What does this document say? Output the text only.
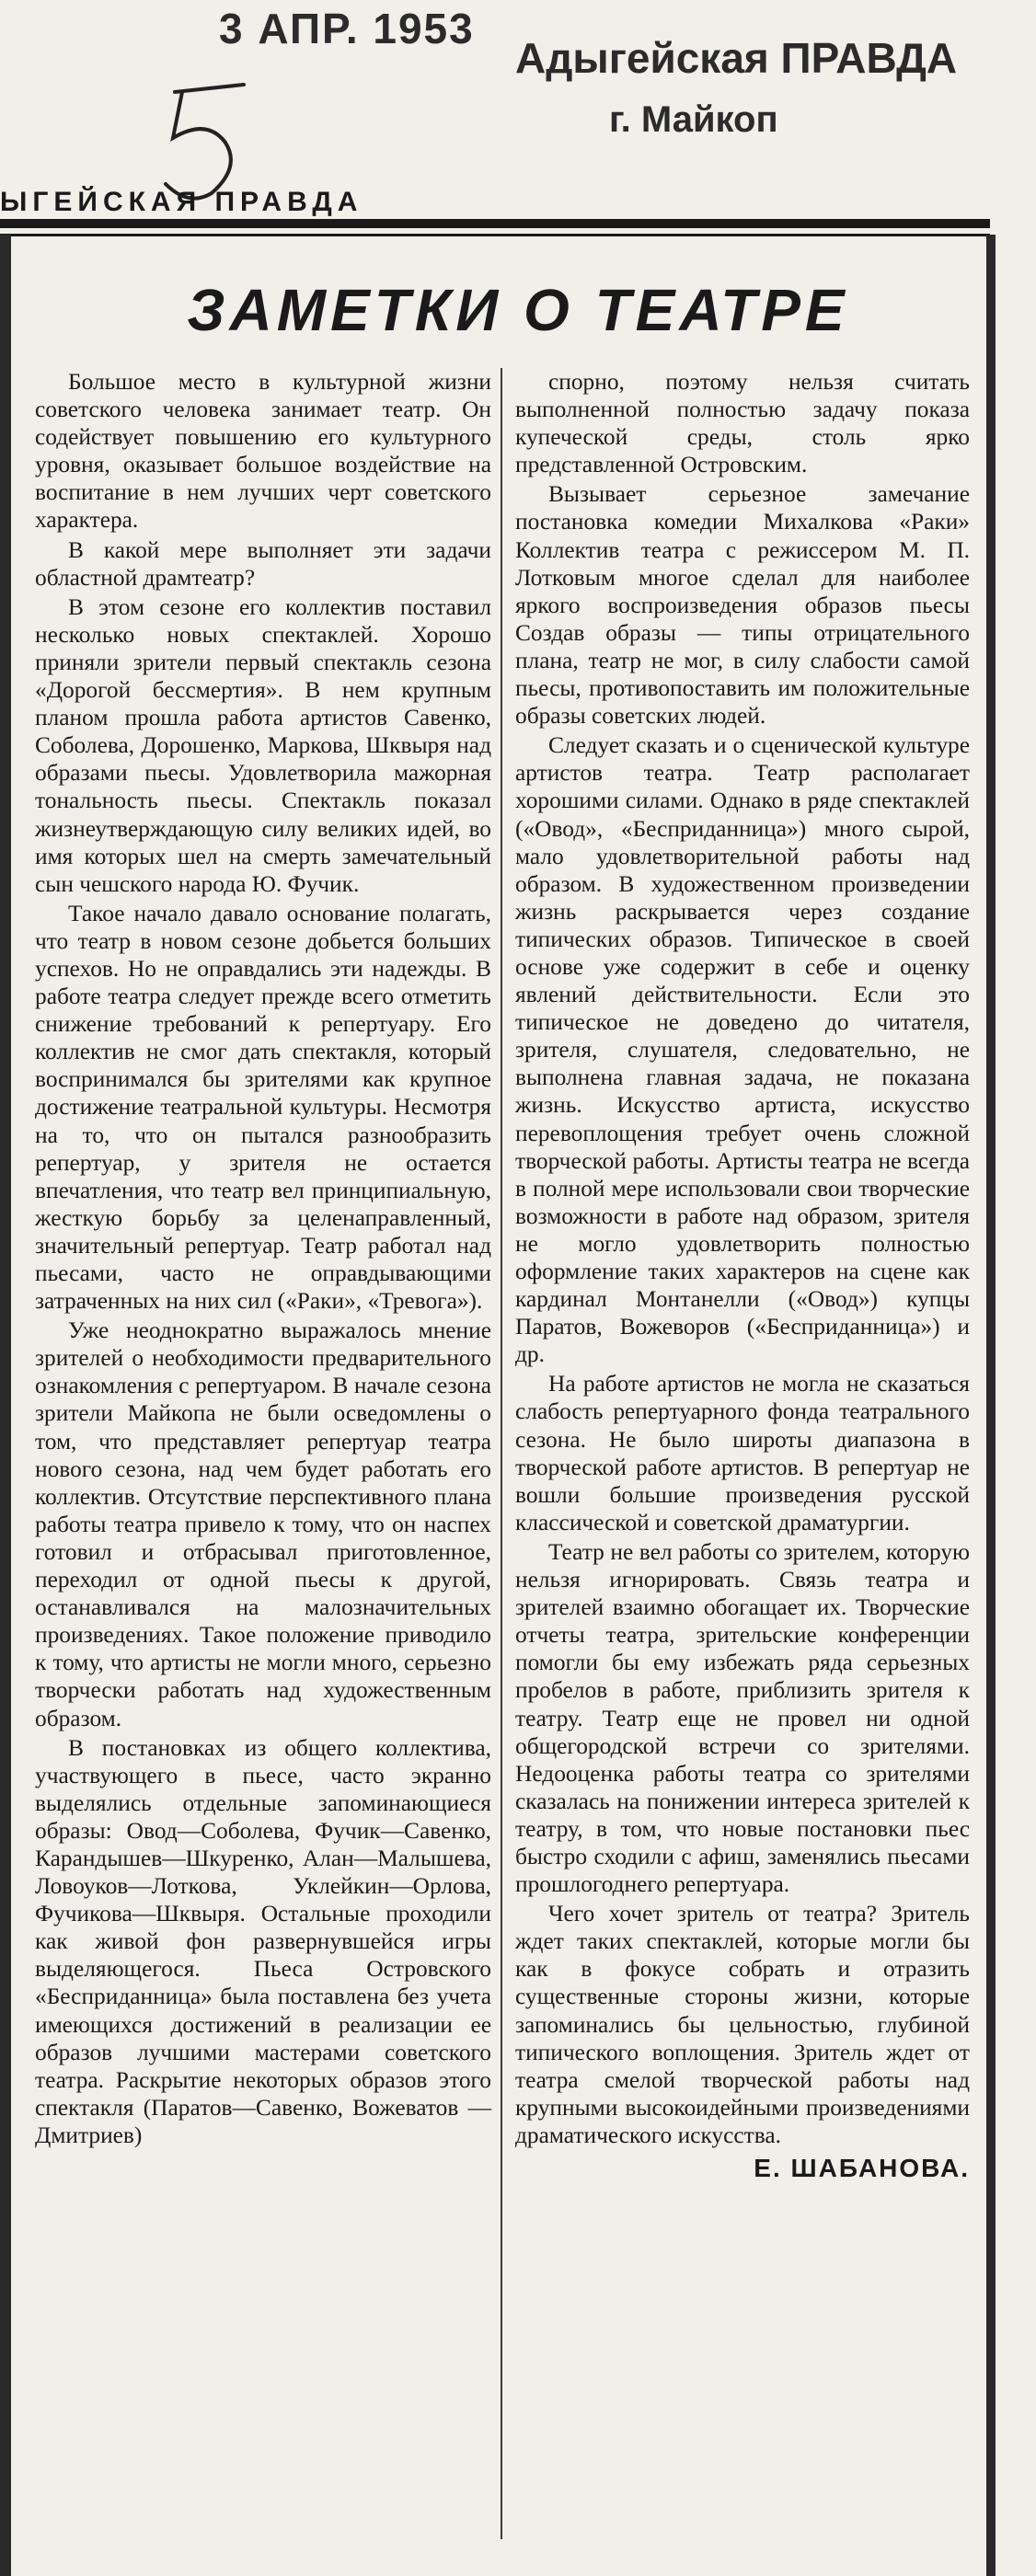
3 АПР. 1953
Адыгейская ПРАВДА
г. Майкоп
ЫГЕЙСКАЯ ПРАВДА
ЗАМЕТКИ О ТЕАТРЕ

Большое место в культурной жизни советского человека занимает театр. Он содействует повышению его культурного уровня, оказывает большое воздействие на воспитание в нем лучших черт советского характера.

В какой мере выполняет эти задачи областной драмтеатр?

В этом сезоне его коллектив поставил несколько новых спектаклей. Хорошо приняли зрители первый спектакль сезона «Дорогой бессмертия». В нем крупным планом прошла работа артистов Савенко, Соболева, Дорошенко, Маркова, Шквыря над образами пьесы. Удовлетворила мажорная тональность пьесы. Спектакль показал жизнеутверждающую силу великих идей, во имя которых шел на смерть замечательный сын чешского народа Ю. Фучик.

Такое начало давало основание полагать, что театр в новом сезоне добьется больших успехов. Но не оправдались эти надежды. В работе театра следует прежде всего отметить снижение требований к репертуару. Его коллектив не смог дать спектакля, который воспринимался бы зрителями как крупное достижение театральной культуры. Несмотря на то, что он пытался разнообразить репертуар, у зрителя не остается впечатления, что театр вел принципиальную, жесткую борьбу за целенаправленный, значительный репертуар. Театр работал над пьесами, часто не оправдывающими затраченных на них сил («Раки», «Тревога»).

Уже неоднократно выражалось мнение зрителей о необходимости предварительного ознакомления с репертуаром. В начале сезона зрители Майкопа не были осведомлены о том, что представляет репертуар театра нового сезона, над чем будет работать его коллектив. Отсутствие перспективного плана работы театра привело к тому, что он наспех готовил и отбрасывал приготовленное, переходил от одной пьесы к другой, останавливался на малозначительных произведениях. Такое положение приводило к тому, что артисты не могли много, серьезно творчески работать над художественным образом.

В постановках из общего коллектива, участвующего в пьесе, часто экранно выделялись отдельные запоминающиеся образы: Овод—Соболева, Фучик—Савенко, Карандышев—Шкуренко, Алан—Малышева, Ловоуков—Лоткова, Уклейкин—Орлова, Фучикова—Шквыря. Остальные проходили как живой фон развернувшейся игры выделяющегося. Пьеса Островского «Бесприданница» была поставлена без учета имеющихся достижений в реализации ее образов лучшими мастерами советского театра. Раскрытие некоторых образов этого спектакля (Паратов—Савенко, Вожеватов — Дмитриев)

спорно, поэтому нельзя считать выполненной полностью задачу показа купеческой среды, столь ярко представленной Островским.

Вызывает серьезное замечание постановка комедии Михалкова «Раки» Коллектив театра с режиссером М. П. Лотковым многое сделал для наиболее яркого воспроизведения образов пьесы Создав образы — типы отрицательного плана, театр не мог, в силу слабости самой пьесы, противопоставить им положительные образы советских людей.

Следует сказать и о сценической культуре артистов театра. Театр располагает хорошими силами. Однако в ряде спектаклей («Овод», «Бесприданница») много сырой, мало удовлетворительной работы над образом. В художественном произведении жизнь раскрывается через создание типических образов. Типическое в своей основе уже содержит в себе и оценку явлений действительности. Если это типическое не доведено до читателя, зрителя, слушателя, следовательно, не выполнена главная задача, не показана жизнь. Искусство артиста, искусство перевоплощения требует очень сложной творческой работы. Артисты театра не всегда в полной мере использовали свои творческие возможности в работе над образом, зрителя не могло удовлетворить полностью оформление таких характеров на сцене как кардинал Монтанелли («Овод») купцы Паратов, Вожеворов («Бесприданница») и др.

На работе артистов не могла не сказаться слабость репертуарного фонда театрального сезона. Не было широты диапазона в творческой работе артистов. В репертуар не вошли большие произведения русской классической и советской драматургии.

Театр не вел работы со зрителем, которую нельзя игнорировать. Связь театра и зрителей взаимно обогащает их. Творческие отчеты театра, зрительские конференции помогли бы ему избежать ряда серьезных пробелов в работе, приблизить зрителя к театру. Театр еще не провел ни одной общегородской встречи со зрителями. Недооценка работы театра со зрителями сказалась на понижении интереса зрителей к театру, в том, что новые постановки пьес быстро сходили с афиш, заменялись пьесами прошлогоднего репертуара.

Чего хочет зритель от театра? Зритель ждет таких спектаклей, которые могли бы как в фокусе собрать и отразить существенные стороны жизни, которые запоминались бы цельностью, глубиной типического воплощения. Зритель ждет от театра смелой творческой работы над крупными высокоидейными произведениями драматического искусства.

Е. ШАБАНОВА.
